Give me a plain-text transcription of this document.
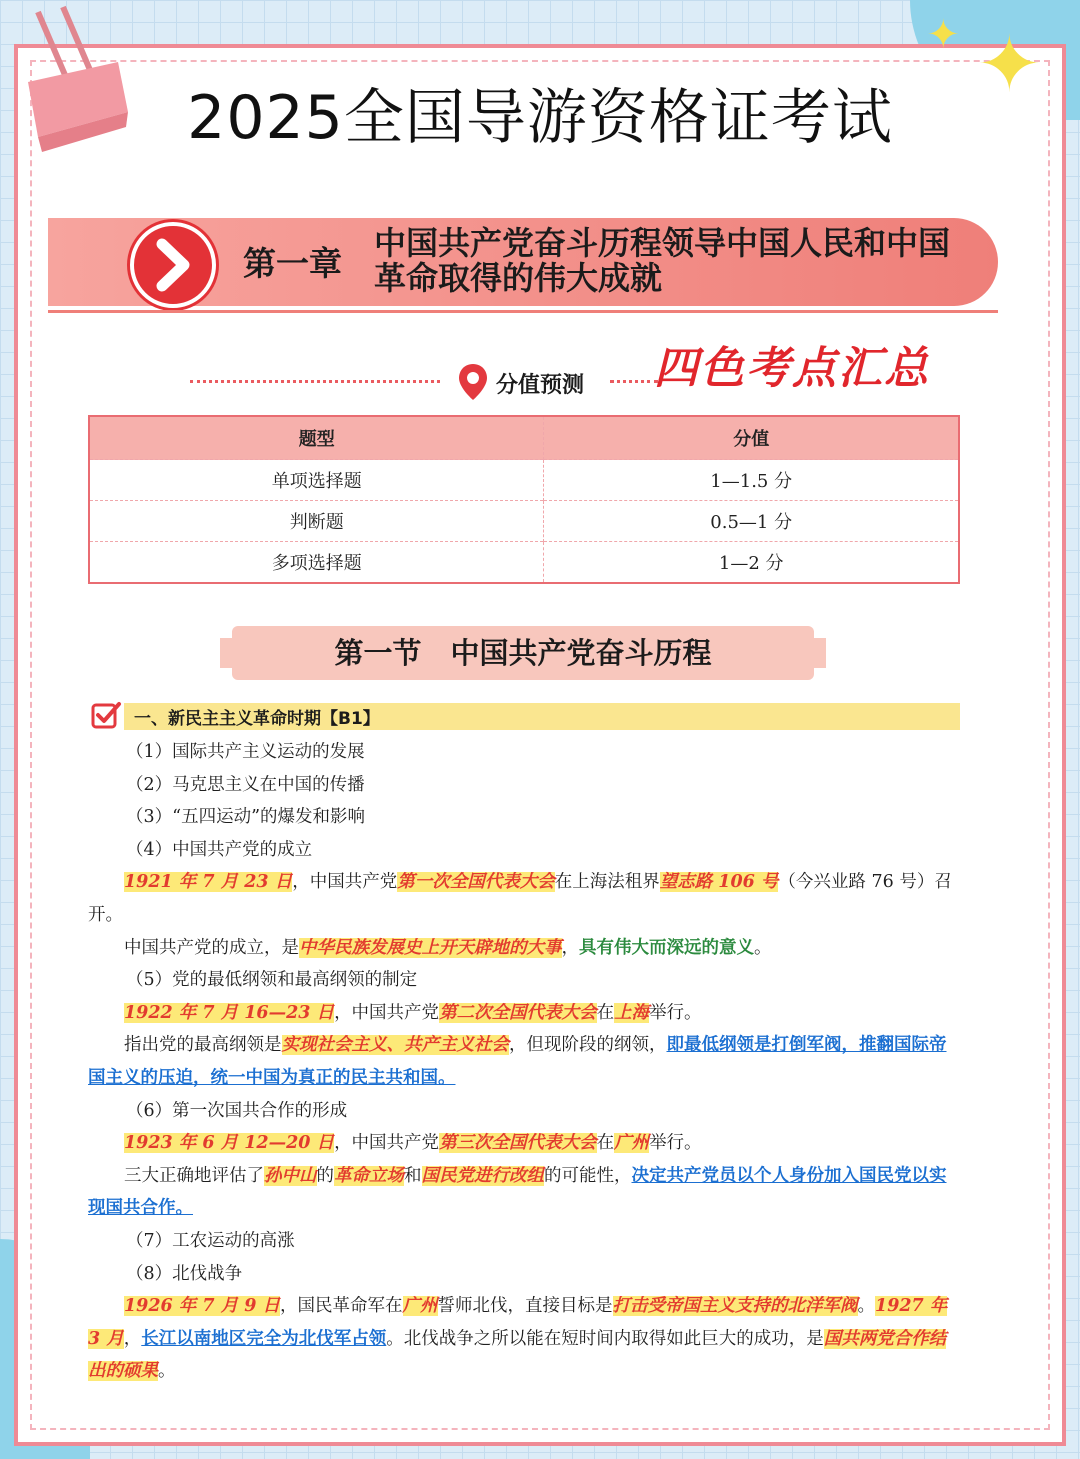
✦
✦
2025全国导游资格证考试
第一章
中国共产党奋斗历程领导中国人民和中国革命取得的伟大成就
四色考点汇总
分值预测
题型	分值
单项选择题	1—1.5 分
判断题	0.5—1 分
多项选择题	1—2 分
第一节　中国共产党奋斗历程
一、新民主主义革命时期【B1】

（1）国际共产主义运动的发展

（2）马克思主义在中国的传播

（3）“五四运动”的爆发和影响

（4）中国共产党的成立

1921 年 7 月 23 日，中国共产党第一次全国代表大会在上海法租界望志路 106 号（今兴业路 76 号）召开。

中国共产党的成立，是中华民族发展史上开天辟地的大事，具有伟大而深远的意义。

（5）党的最低纲领和最高纲领的制定

1922 年 7 月 16—23 日，中国共产党第二次全国代表大会在上海举行。

指出党的最高纲领是实现社会主义、共产主义社会，但现阶段的纲领，即最低纲领是打倒军阀，推翻国际帝国主义的压迫，统一中国为真正的民主共和国。

（6）第一次国共合作的形成

1923 年 6 月 12—20 日，中国共产党第三次全国代表大会在广州举行。

三大正确地评估了孙中山的革命立场和国民党进行改组的可能性，决定共产党员以个人身份加入国民党以实现国共合作。

（7）工农运动的高涨

（8）北伐战争

1926 年 7 月 9 日，国民革命军在广州誓师北伐，直接目标是打击受帝国主义支持的北洋军阀。1927 年 3 月，长江以南地区完全为北伐军占领。北伐战争之所以能在短时间内取得如此巨大的成功，是国共两党合作结出的硕果。
